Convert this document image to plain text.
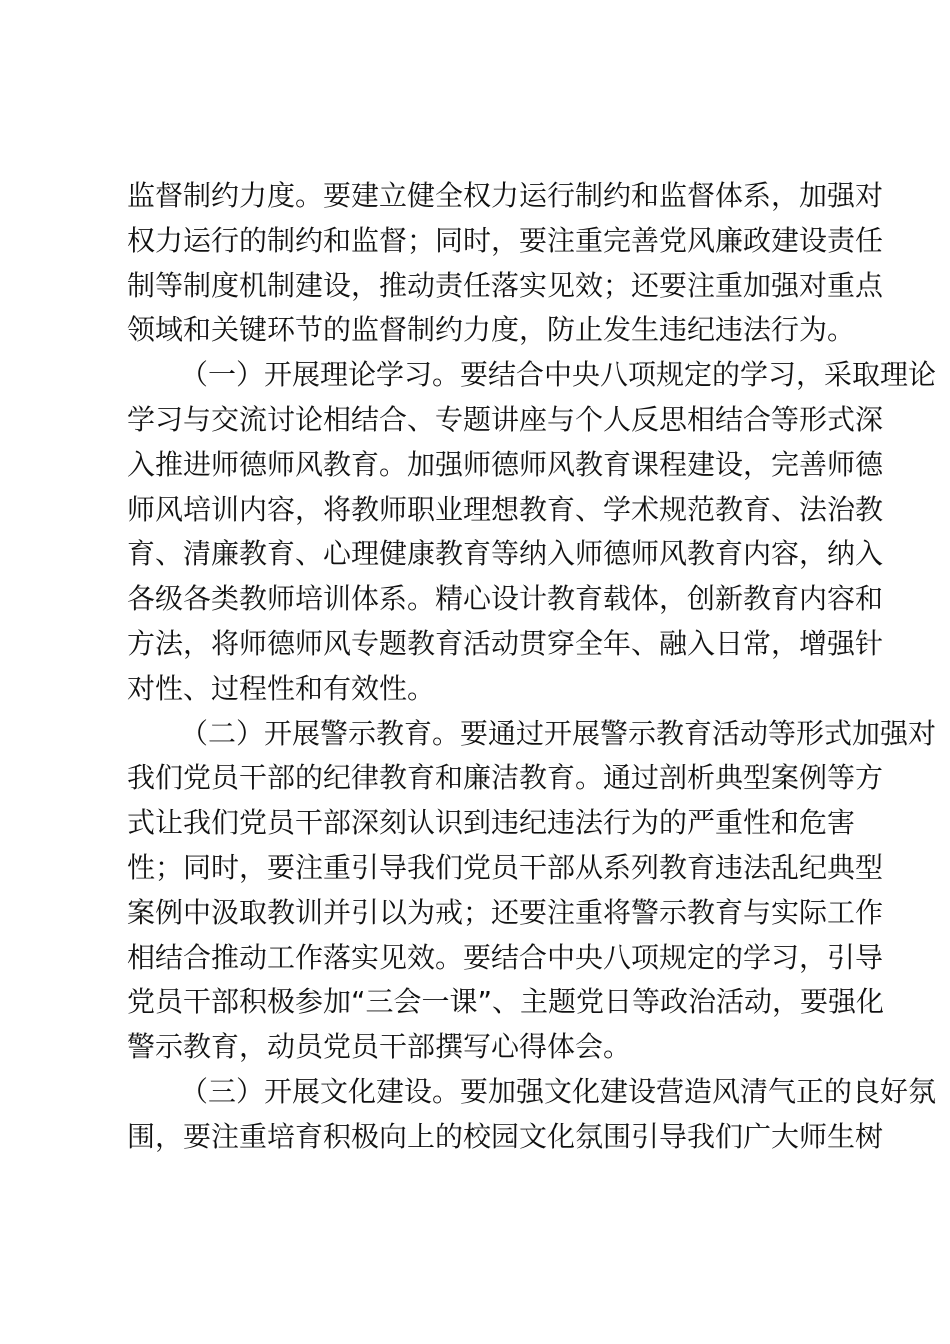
监督制约力度。要建立健全权力运行制约和监督体系，加强对
权力运行的制约和监督；同时，要注重完善党风廉政建设责任
制等制度机制建设，推动责任落实见效；还要注重加强对重点
领域和关键环节的监督制约力度，防止发生违纪违法行为。
（一）开展理论学习。要结合中央八项规定的学习，采取理论
学习与交流讨论相结合、专题讲座与个人反思相结合等形式深
入推进师德师风教育。加强师德师风教育课程建设，完善师德
师风培训内容，将教师职业理想教育、学术规范教育、法治教
育、清廉教育、心理健康教育等纳入师德师风教育内容，纳入
各级各类教师培训体系。精心设计教育载体，创新教育内容和
方法，将师德师风专题教育活动贯穿全年、融入日常，增强针
对性、过程性和有效性。
（二）开展警示教育。要通过开展警示教育活动等形式加强对
我们党员干部的纪律教育和廉洁教育。通过剖析典型案例等方
式让我们党员干部深刻认识到违纪违法行为的严重性和危害
性；同时，要注重引导我们党员干部从系列教育违法乱纪典型
案例中汲取教训并引以为戒；还要注重将警示教育与实际工作
相结合推动工作落实见效。要结合中央八项规定的学习，引导
党员干部积极参加“三会一课”、主题党日等政治活动，要强化
警示教育，动员党员干部撰写心得体会。
（三）开展文化建设。要加强文化建设营造风清气正的良好氛
围，要注重培育积极向上的校园文化氛围引导我们广大师生树
